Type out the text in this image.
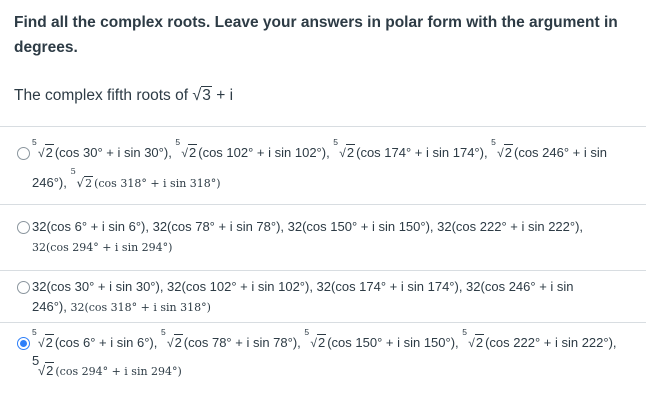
Find all the complex roots. Leave your answers in polar form with the argument in degrees.
The complex fifth roots of √3 + i
5
√2 (cos 30° + i sin 30°),
5
√2 (cos 102° + i sin 102°),
5
√2 (cos 174° + i sin 174°),
5
√2 (cos 246° + i sin
246°),
5
√2 (cos 318° + i sin 318°)
32(cos 6° + i sin 6°), 32(cos 78° + i sin 78°), 32(cos 150° + i sin 150°), 32(cos 222° + i sin 222°),
32(cos 294° + i sin 294°)
32(cos 30° + i sin 30°), 32(cos 102° + i sin 102°), 32(cos 174° + i sin 174°), 32(cos 246° + i sin
246°), 32(cos 318° + i sin 318°)
5
√2 (cos 6° + i sin 6°),
5
√2 (cos 78° + i sin 78°),
5
√2 (cos 150° + i sin 150°),
5
√2 (cos 222° + i sin 222°),
5
√2 (cos 294° + i sin 294°)
